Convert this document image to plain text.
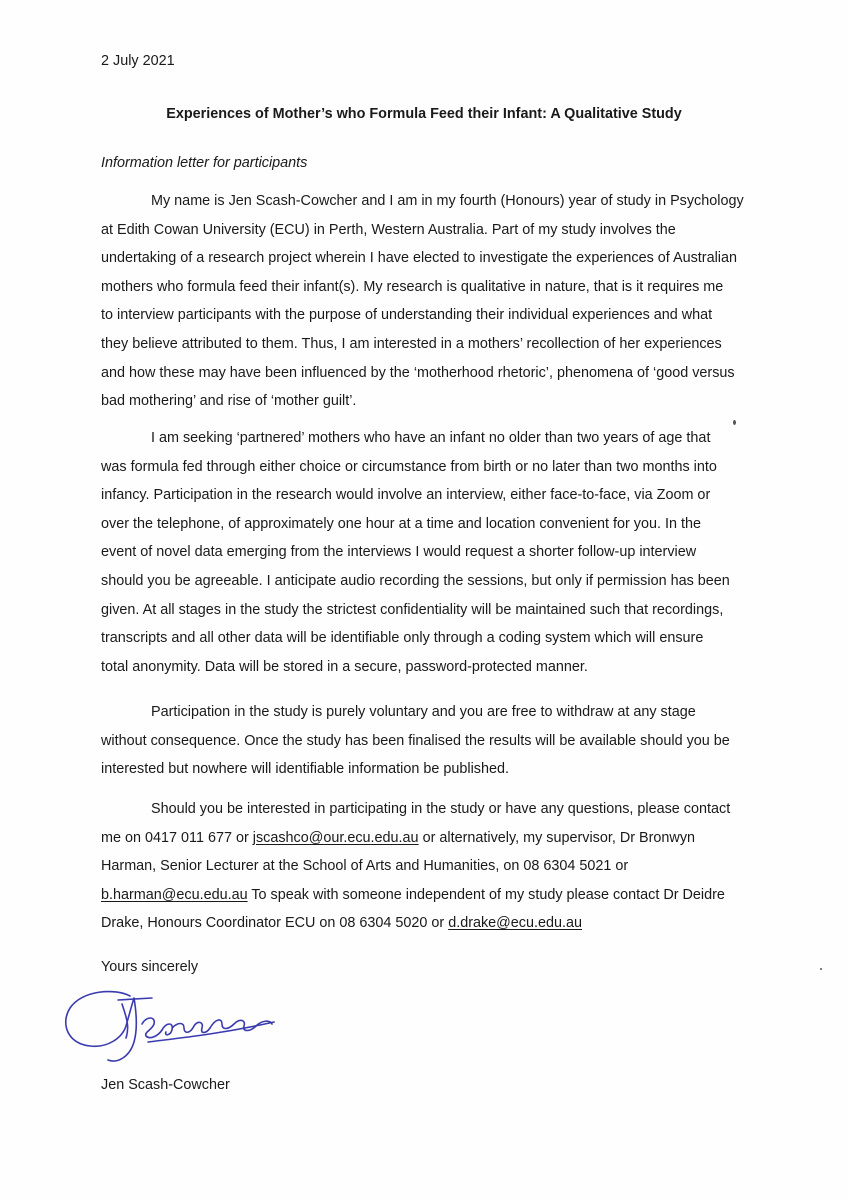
2 July 2021
Experiences of Mother’s who Formula Feed their Infant: A Qualitative Study
Information letter for participants

My name is Jen Scash-Cowcher and I am in my fourth (Honours) year of study in Psychology
at Edith Cowan University (ECU) in Perth, Western Australia. Part of my study involves the
undertaking of a research project wherein I have elected to investigate the experiences of Australian
mothers who formula feed their infant(s). My research is qualitative in nature, that is it requires me
to interview participants with the purpose of understanding their individual experiences and what
they believe attributed to them. Thus, I am interested in a mothers’ recollection of her experiences
and how these may have been influenced by the ‘motherhood rhetoric’, phenomena of ‘good versus
bad mothering’ and rise of ‘mother guilt’.

I am seeking ‘partnered’ mothers who have an infant no older than two years of age that
was formula fed through either choice or circumstance from birth or no later than two months into
infancy. Participation in the research would involve an interview, either face-to-face, via Zoom or
over the telephone, of approximately one hour at a time and location convenient for you. In the
event of novel data emerging from the interviews I would request a shorter follow-up interview
should you be agreeable. I anticipate audio recording the sessions, but only if permission has been
given. At all stages in the study the strictest confidentiality will be maintained such that recordings,
transcripts and all other data will be identifiable only through a coding system which will ensure
total anonymity. Data will be stored in a secure, password-protected manner.

Participation in the study is purely voluntary and you are free to withdraw at any stage
without consequence. Once the study has been finalised the results will be available should you be
interested but nowhere will identifiable information be published.

Should you be interested in participating in the study or have any questions, please contact
me on 0417 011 677 or jscashco@our.ecu.edu.au or alternatively, my supervisor, Dr Bronwyn
Harman, Senior Lecturer at the School of Arts and Humanities, on 08 6304 5021 or
b.harman@ecu.edu.au To speak with someone independent of my study please contact Dr Deidre
Drake, Honours Coordinator ECU on 08 6304 5020 or d.drake@ecu.edu.au

Yours sincerely
Jen Scash-Cowcher
